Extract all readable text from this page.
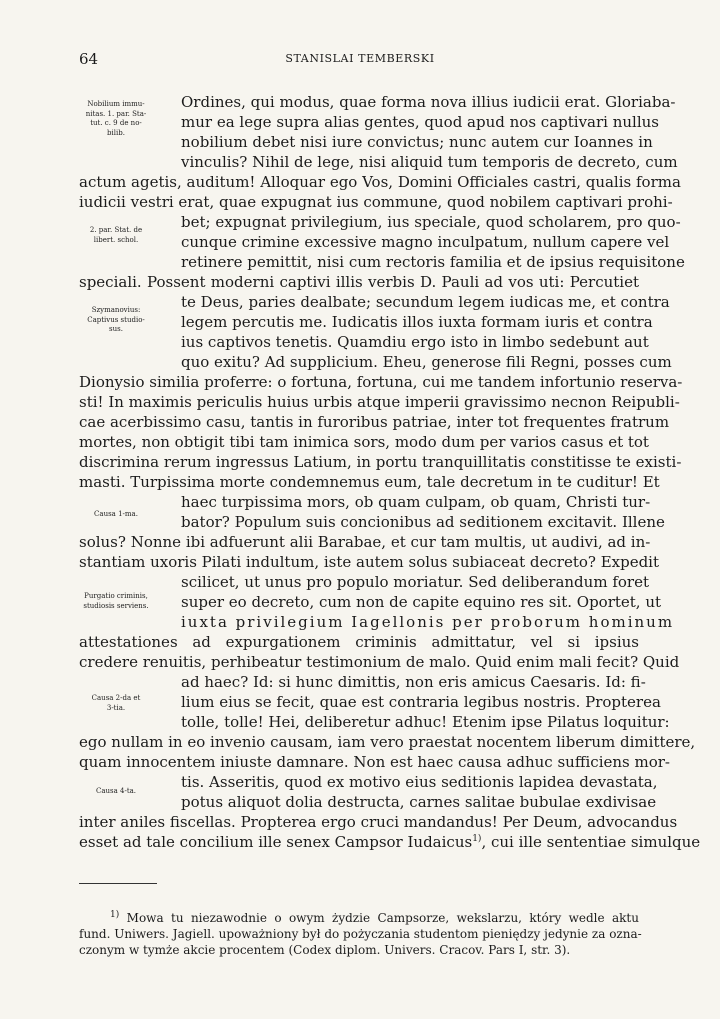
64	STANISLAI TEMBERSKI
Nobilium immu-
nitas. 1. par. Sta-
tut. c. 9 de no-
bilib.
2. par. Stat. de
libert. schol.
Szymanovius:
Captivus studio-
sus.
Causa 1-ma.
Purgatio criminis,
studiosis serviens.
Causa 2-da et
3-tia.
Causa 4-ta.
Ordines, qui modus, quae forma nova illius iudicii erat. Gloriaba-
mur ea lege supra alias gentes, quod apud nos captivari nullus
nobilium debet nisi iure convictus; nunc autem cur Ioannes in
vinculis? Nihil de lege, nisi aliquid tum temporis de decreto, cum
actum agetis, auditum! Alloquar ego Vos, Domini Officiales castri, qualis forma
iudicii vestri erat, quae expugnat ius commune, quod nobilem captivari prohi-
bet; expugnat privilegium, ius speciale, quod scholarem, pro quo-
cunque crimine excessive magno inculpatum, nullum capere vel
retinere pemittit, nisi cum rectoris familia et de ipsius requisitone
speciali. Possent moderni captivi illis verbis D. Pauli ad vos uti: Percutiet
te Deus, paries dealbate; secundum legem iudicas me, et contra
legem percutis me. Iudicatis illos iuxta formam iuris et contra
ius captivos tenetis. Quamdiu ergo isto in limbo sedebunt aut
quo exitu? Ad supplicium. Eheu, generose fili Regni, posses cum
Dionysio similia proferre: o fortuna, fortuna, cui me tandem infortunio reserva-
sti! In maximis periculis huius urbis atque imperii gravissimo necnon Reipubli-
cae acerbissimo casu, tantis in furoribus patriae, inter tot frequentes fratrum
mortes, non obtigit tibi tam inimica sors, modo dum per varios casus et tot
discrimina rerum ingressus Latium, in portu tranquillitatis constitisse te existi-
masti. Turpissima morte condemnemus eum, tale decretum in te cuditur! Et
haec turpissima mors, ob quam culpam, ob quam, Christi tur-
bator? Populum suis concionibus ad seditionem excitavit. Illene
solus? Nonne ibi adfuerunt alii Barabae, et cur tam multis, ut audivi, ad in-
stantiam uxoris Pilati indultum, iste autem solus subiaceat decreto? Expedit
scilicet, ut unus pro populo moriatur. Sed deliberandum foret
super eo decreto, cum non de capite equino res sit. Oportet, ut
iuxta privilegium Iagellonis per proborum hominum
attestationes ad expurgationem criminis admittatur, vel si ipsius
credere renuitis, perhibeatur testimonium de malo. Quid enim mali fecit? Quid
ad haec? Id: si hunc dimittis, non eris amicus Caesaris. Id: fi-
lium eius se fecit, quae est contraria legibus nostris. Propterea
tolle, tolle! Hei, deliberetur adhuc! Etenim ipse Pilatus loquitur:
ego nullam in eo invenio causam, iam vero praestat nocentem liberum dimittere,
quam innocentem iniuste damnare. Non est haec causa adhuc sufficiens mor-
tis. Asseritis, quod ex motivo eius seditionis lapidea devastata,
potus aliquot dolia destructa, carnes salitae bubulae exdivisae
inter aniles fiscellas. Propterea ergo cruci mandandus! Per Deum, advocandus
esset ad tale concilium ille senex Campsor Iudaicus$^{1)}$, cui ille sententiae simulque
$^{1)}$ Mowa tu niezawodnie o owym żydzie Campsorze, wekslarzu, który wedle aktu
fund. Uniwers. Jagiell. upoważniony był do pożyczania studentom pieniędzy jedynie za ozna-
czonym w tymże akcie procentem (Codex diplom. Univers. Cracov. Pars I, str. 3).
